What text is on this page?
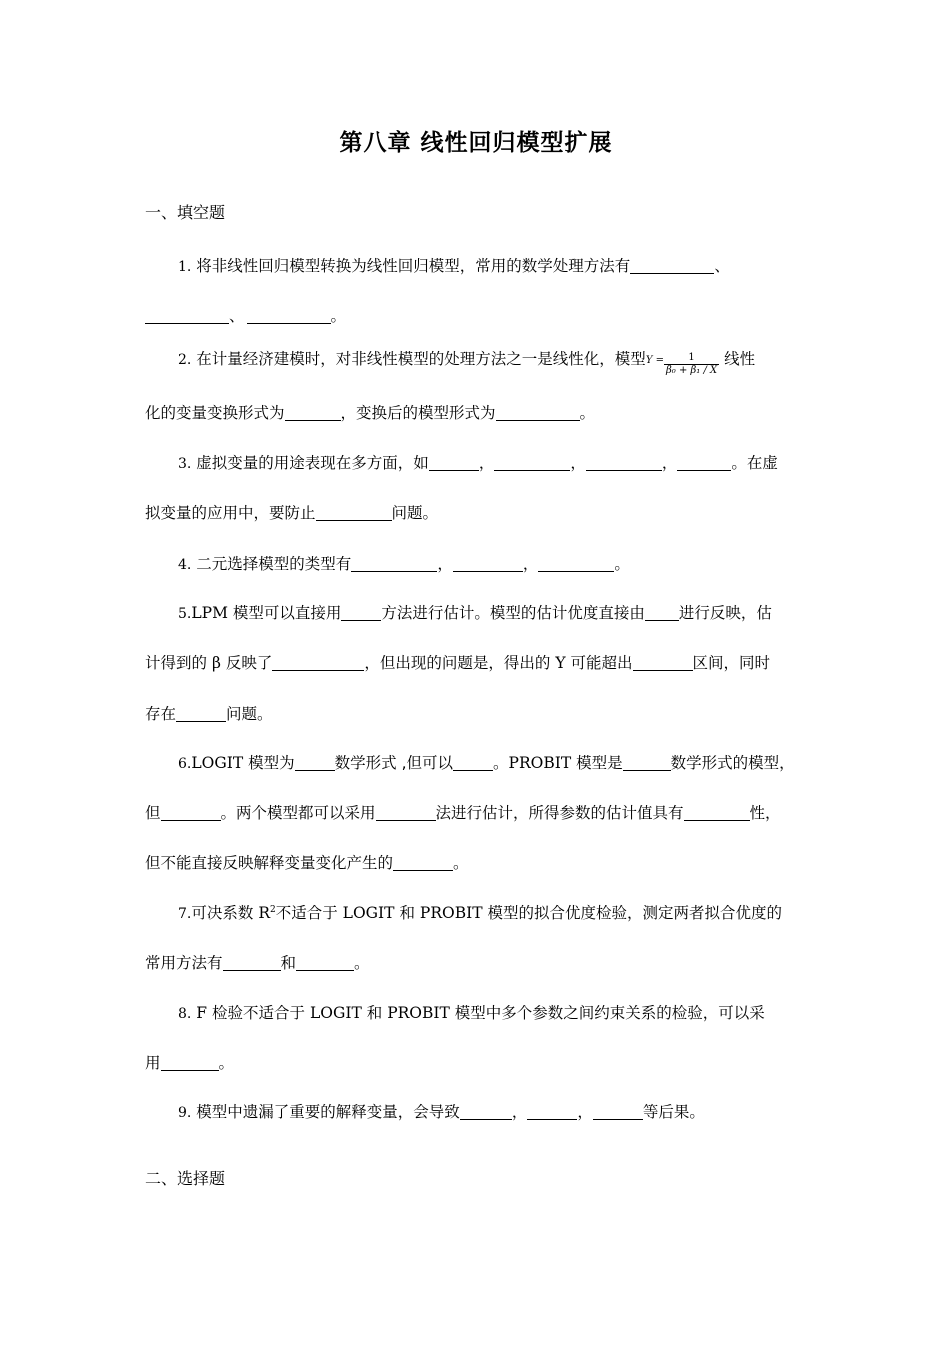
第八章 线性回归模型扩展
一、填空题
1. 将非线性回归模型转换为线性回归模型，常用的数学处理方法有	、
、	。
2. 在计量经济建模时，对非线性模型的处理方法之一是线性化，模型$Y = \frac{1}{\text{β₀ + β₁ / X}}$ 线性
化的变量变换形式为	，变换后的模型形式为	。
3. 虚拟变量的用途表现在多方面，如	，	，	，	。在虚
拟变量的应用中，要防止	问题。
4. 二元选择模型的类型有	，	，	。
5.LPM 模型可以直接用	方法进行估计。模型的估计优度直接由 进行反映，估
计得到的 β 反映了	，但出现的问题是，得出的 Y 可能超出	区间，同时
存在	问题。
6.LOGIT 模型为	数学形式 ,但可以	。PROBIT 模型是	数学形式的模型，
但	。两个模型都可以采用	法进行估计，所得参数的估计值具有	性，
但不能直接反映解释变量变化产生的	。
7.可决系数 $R^2$不适合于 LOGIT 和 PROBIT 模型的拟合优度检验，测定两者拟合优度的
常用方法有	和	。
8. F 检验不适合于 LOGIT 和 PROBIT 模型中多个参数之间约束关系的检验，可以采
用	。
9. 模型中遗漏了重要的解释变量，会导致	，	，	等后果。
二、选择题
